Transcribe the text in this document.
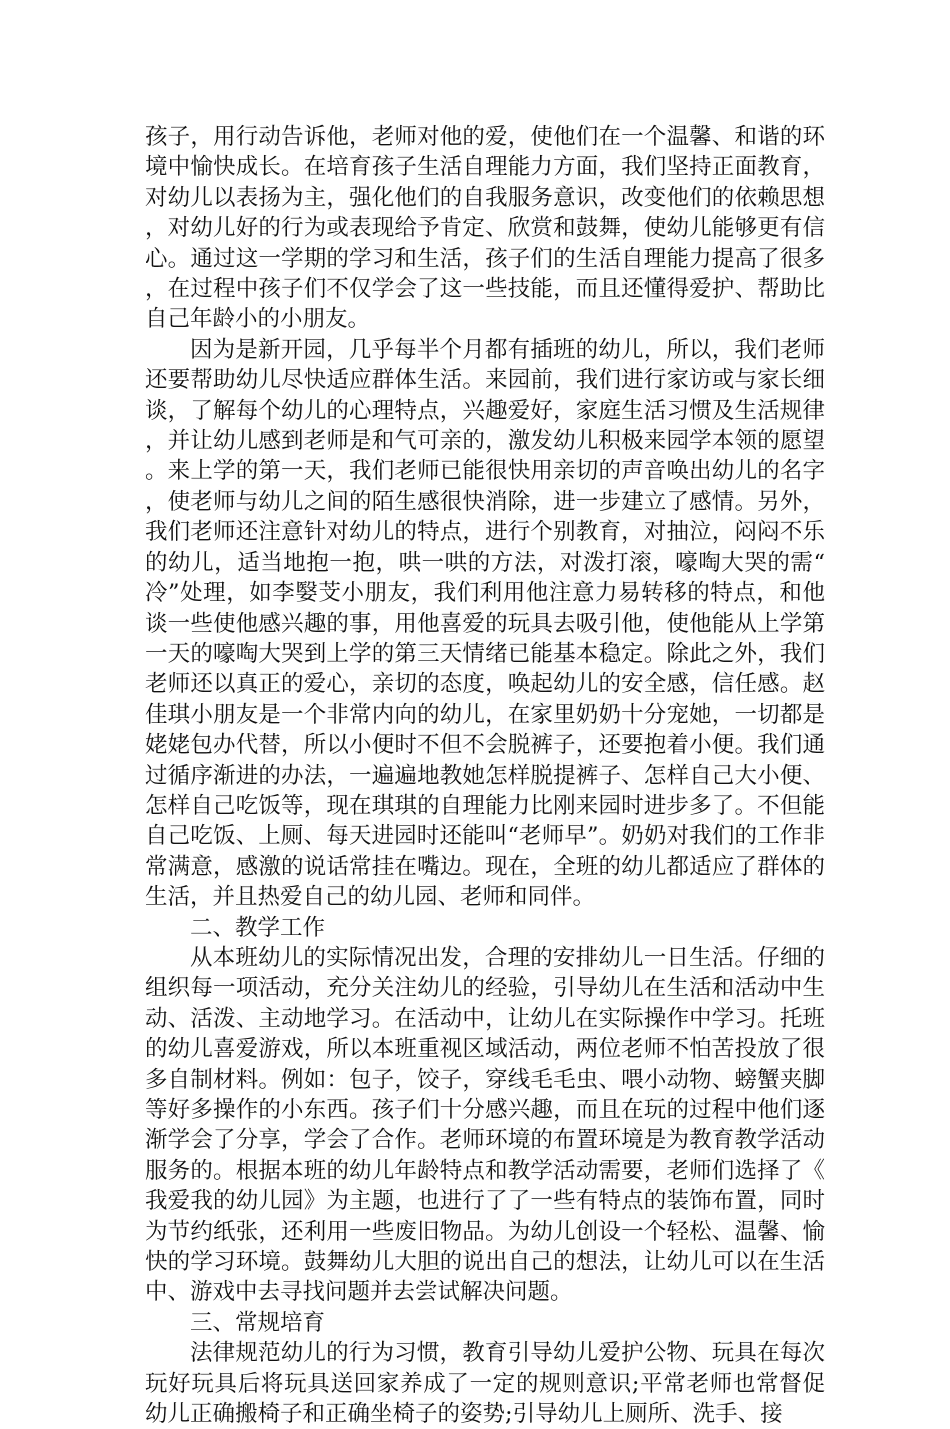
孩子，用行动告诉他，老师对他的爱，使他们在一个温馨、和谐的环境中愉快成长。在培育孩子生活自理能力方面，我们坚持正面教育，对幼儿以表扬为主，强化他们的自我服务意识，改变他们的依赖思想，对幼儿好的行为或表现给予肯定、欣赏和鼓舞，使幼儿能够更有信心。通过这一学期的学习和生活，孩子们的生活自理能力提高了很多，在过程中孩子们不仅学会了这一些技能，而且还懂得爱护、帮助比自己年龄小的小朋友。

因为是新开园，几乎每半个月都有插班的幼儿，所以，我们老师还要帮助幼儿尽快适应群体生活。来园前，我们进行家访或与家长细谈，了解每个幼儿的心理特点，兴趣爱好，家庭生活习惯及生活规律，并让幼儿感到老师是和气可亲的，激发幼儿积极来园学本领的愿望。来上学的第一天，我们老师已能很快用亲切的声音唤出幼儿的名字，使老师与幼儿之间的陌生感很快消除，进一步建立了感情。另外，我们老师还注意针对幼儿的特点，进行个别教育，对抽泣，闷闷不乐的幼儿，适当地抱一抱，哄一哄的方法，对泼打滚，嚎啕大哭的需“冷”处理，如李嫛芠小朋友，我们利用他注意力易转移的特点，和他谈一些使他感兴趣的事，用他喜爱的玩具去吸引他，使他能从上学第一天的嚎啕大哭到上学的第三天情绪已能基本稳定。除此之外，我们老师还以真正的爱心，亲切的态度，唤起幼儿的安全感，信任感。赵佳琪小朋友是一个非常内向的幼儿，在家里奶奶十分宠她，一切都是姥姥包办代替，所以小便时不但不会脱裤子，还要抱着小便。我们通过循序渐进的办法，一遍遍地教她怎样脱提裤子、怎样自己大小便、怎样自己吃饭等，现在琪琪的自理能力比刚来园时进步多了。不但能自己吃饭、上厕、每天进园时还能叫“老师早”。奶奶对我们的工作非常满意，感激的说话常挂在嘴边。现在，全班的幼儿都适应了群体的生活，并且热爱自己的幼儿园、老师和同伴。

二、教学工作

从本班幼儿的实际情况出发，合理的安排幼儿一日生活。仔细的组织每一项活动，充分关注幼儿的经验，引导幼儿在生活和活动中生动、活泼、主动地学习。在活动中，让幼儿在实际操作中学习。托班的幼儿喜爱游戏，所以本班重视区域活动，两位老师不怕苦投放了很多自制材料。例如：包子，饺子，穿线毛毛虫、喂小动物、螃蟹夹脚等好多操作的小东西。孩子们十分感兴趣，而且在玩的过程中他们逐渐学会了分享，学会了合作。老师环境的布置环境是为教育教学活动服务的。根据本班的幼儿年龄特点和教学活动需要，老师们选择了《我爱我的幼儿园》为主题，也进行了了一些有特点的装饰布置，同时为节约纸张，还利用一些废旧物品。为幼儿创设一个轻松、温馨、愉快的学习环境。鼓舞幼儿大胆的说出自己的想法，让幼儿可以在生活中、游戏中去寻找问题并去尝试解决问题。

三、常规培育

法律规范幼儿的行为习惯，教育引导幼儿爱护公物、玩具在每次玩好玩具后将玩具送回家养成了一定的规则意识;平常老师也常督促幼儿正确搬椅子和正确坐椅子的姿势;引导幼儿上厕所、洗手、接
